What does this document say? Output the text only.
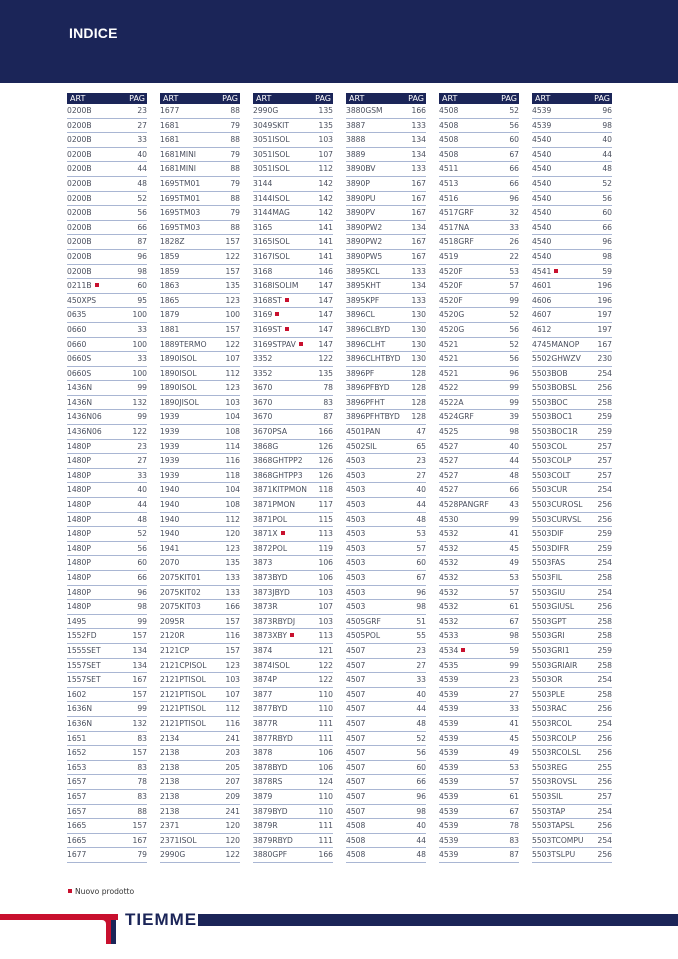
INDICE
ART	PAG
0200B	23
0200B	27
0200B	33
0200B	40
0200B	44
0200B	48
0200B	52
0200B	56
0200B	66
0200B	87
0200B	96
0200B	98
0211B	60
450XPS	95
0635	100
0660	33
0660	100
0660S	33
0660S	100
1436N	99
1436N	132
1436N06	99
1436N06	122
1480P	23
1480P	27
1480P	33
1480P	40
1480P	44
1480P	48
1480P	52
1480P	56
1480P	60
1480P	66
1480P	96
1480P	98
1495	99
1552FD	157
1555SET	134
1557SET	134
1557SET	167
1602	157
1636N	99
1636N	132
1651	83
1652	157
1653	83
1657	78
1657	83
1657	88
1665	157
1665	167
1677	79
ART	PAG
1677	88
1681	79
1681	88
1681MINI	79
1681MINI	88
1695TM01	79
1695TM01	88
1695TM03	79
1695TM03	88
1828Z	157
1859	122
1859	157
1863	135
1865	123
1879	100
1881	157
1889TERMO 122
1890ISOL	107
1890ISOL	112
1890ISOL	123
1890JISOL	103
1939	104
1939	108
1939	114
1939	116
1939	118
1940	104
1940	108
1940	112
1940	120
1941	123
2070	135
2075KIT01	133
2075KIT02	133
2075KIT03	166
2095R	157
2120R	116
2121CP	157
2121CPISOL	123
2121PTISOL	103
2121PTISOL	107
2121PTISOL	112
2121PTISOL	116
2134	241
2138	203
2138	205
2138	207
2138	209
2138	241
2371	120
2371ISOL	120
2990G	122
ART	PAG
2990G	135
3049SKIT	135
3051ISOL	103
3051ISOL	107
3051ISOL	112
3144	142
3144ISOL	142
3144MAG	142
3165	141
3165ISOL	141
3167ISOL	141
3168	146
3168ISOLIM	147
3168ST	147
3169	147
3169ST	147
3169STPAV	147
3352	122
3352	135
3670	78
3670	83
3670	87
3670PSA	166
3868G	126
3868GHTPP2 126
3868GHTPP3 126
3871KITPMON 118
3871PMON	117
3871POL	115
3871X	113
3872POL	119
3873	106
3873BYD	106
3873JBYD	103
3873R	107
3873RBYDJ	103
3873XBY	113
3874	121
3874ISOL	122
3874P	122
3877	110
3877BYD	110
3877R	111
3877RBYD	111
3878	106
3878BYD	106
3878RS	124
3879	110
3879BYD	110
3879R	111
3879RBYD	111
3880GPF	166
ART	PAG
3880GSM	166
3887	133
3888	134
3889	134
3890BV	133
3890P	167
3890PU	167
3890PV	167
3890PW2	134
3890PW2	167
3890PW5	167
3895KCL	133
3895KHT	134
3895KPF	133
3896CL	130
3896CLBYD	130
3896CLHT	130
3896CLHTBYD 130
3896PF	128
3896PFBYD	128
3896PFHT	128
3896PFHTBYD 128
4501PAN	47
4502SIL	65
4503	23
4503	27
4503	40
4503	44
4503	48
4503	53
4503	57
4503	60
4503	67
4503	96
4503	98
4505GRF	51
4505POL	55
4507	23
4507	27
4507	33
4507	40
4507	44
4507	48
4507	52
4507	56
4507	60
4507	66
4507	96
4507	98
4508	40
4508	44
4508	48
ART	PAG
4508	52
4508	56
4508	60
4508	67
4511	66
4513	66
4516	96
4517GRF	32
4517NA	33
4518GRF	26
4519	22
4520F	53
4520F	57
4520F	99
4520G	52
4520G	56
4521	52
4521	56
4521	96
4522	99
4522A	99
4524GRF	39
4525	98
4527	40
4527	44
4527	48
4527	66
4528PANGRF	43
4530	99
4532	41
4532	45
4532	49
4532	53
4532	57
4532	61
4532	67
4533	98
4534	59
4535	99
4539	23
4539	27
4539	33
4539	41
4539	45
4539	49
4539	53
4539	57
4539	61
4539	67
4539	78
4539	83
4539	87
ART	PAG
4539	96
4539	98
4540	40
4540	44
4540	48
4540	52
4540	56
4540	60
4540	66
4540	96
4540	98
4541	59
4601	196
4606	196
4607	197
4612	197
4745MANOP 167
5502GHWZV 230
5503BOB	254
5503BOBSL	256
5503BOC	258
5503BOC1	259
5503BOC1R	259
5503COL	257
5503COLP	257
5503COLT	257
5503CUR	254
5503CUROSL 256
5503CURVSL 256
5503DIF	259
5503DIFR	259
5503FAS	254
5503FIL	258
5503GIU	254
5503GIUSL	256
5503GPT	258
5503GRI	258
5503GRI1	259
5503GRIAIR	258
5503OR	254
5503PLE	258
5503RAC	256
5503RCOL	254
5503RCOLP	256
5503RCOLSL 256
5503REG	255
5503ROVSL	256
5503SIL	257
5503TAP	254
5503TAPSL	256
5503TCOMPU 254
5503TSLPU	256
Nuovo prodotto
TIEMME
